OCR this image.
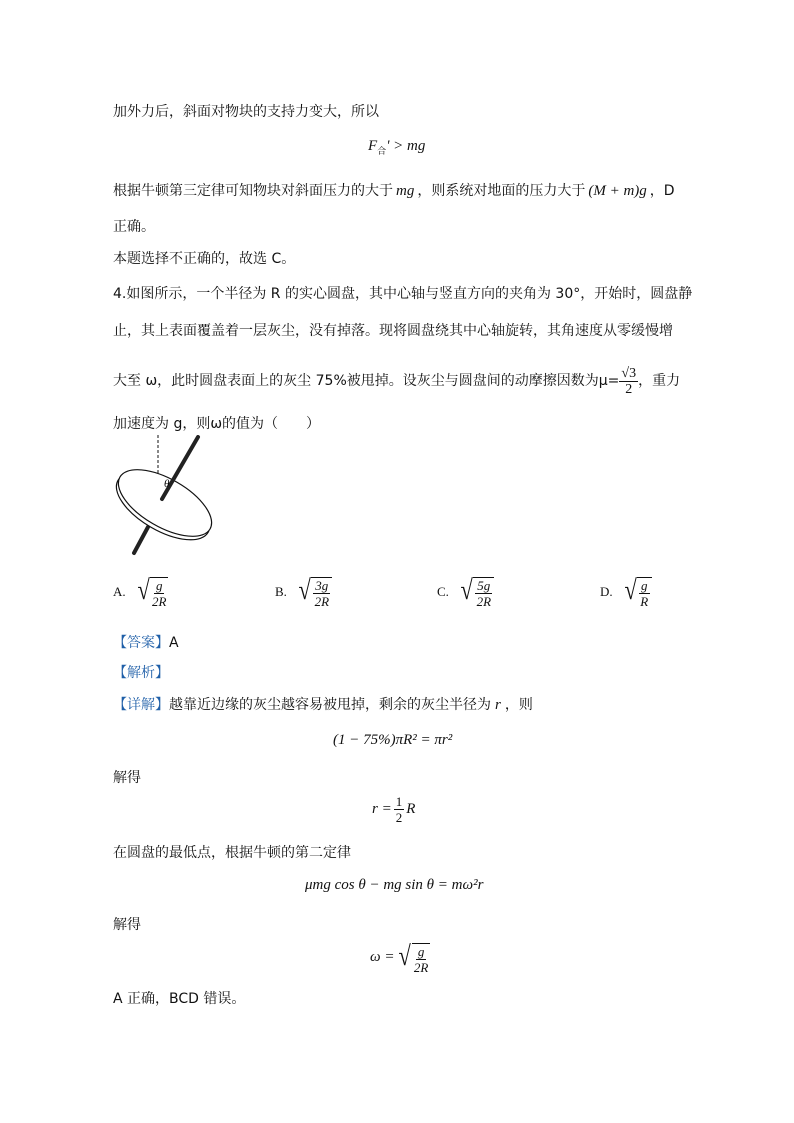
加外力后，斜面对物块的支持力变大，所以
$F_合'$ > mg
根据牛顿第三定律可知物块对斜面压力的大于 mg ，则系统对地面的压力大于 (M + m)g ，D
正确。
本题选择不正确的，故选 C。
4.如图所示，一个半径为 R 的实心圆盘，其中心轴与竖直方向的夹角为 30°，开始时，圆盘静
止，其上表面覆盖着一层灰尘，没有掉落。现将圆盘绕其中心轴旋转，其角速度从零缓慢增
大至 ω，此时圆盘表面上的灰尘 75%被甩掉。设灰尘与圆盘间的动摩擦因数为$\mu= \frac{√3}{2}$ ，重力
加速度为 g，则ω的值为（　　）
θ
A. √ $\frac{g}{2R}$	B. √ $\frac{3g}{2R}$	C. √ $\frac{5g}{2R}$	D. √ $\frac{g}{R}$
【答案】A
【解析】
【详解】越靠近边缘的灰尘越容易被甩掉，剩余的灰尘半径为 r ，则
(1 − 75%)πR² = πr²
解得
$r = \frac{1}{2}$ R
在圆盘的最低点，根据牛顿的第二定律
μmg cos θ − mg sin θ = mω²r
解得
ω = √ $\frac{g}{2R}$
A 正确，BCD 错误。
